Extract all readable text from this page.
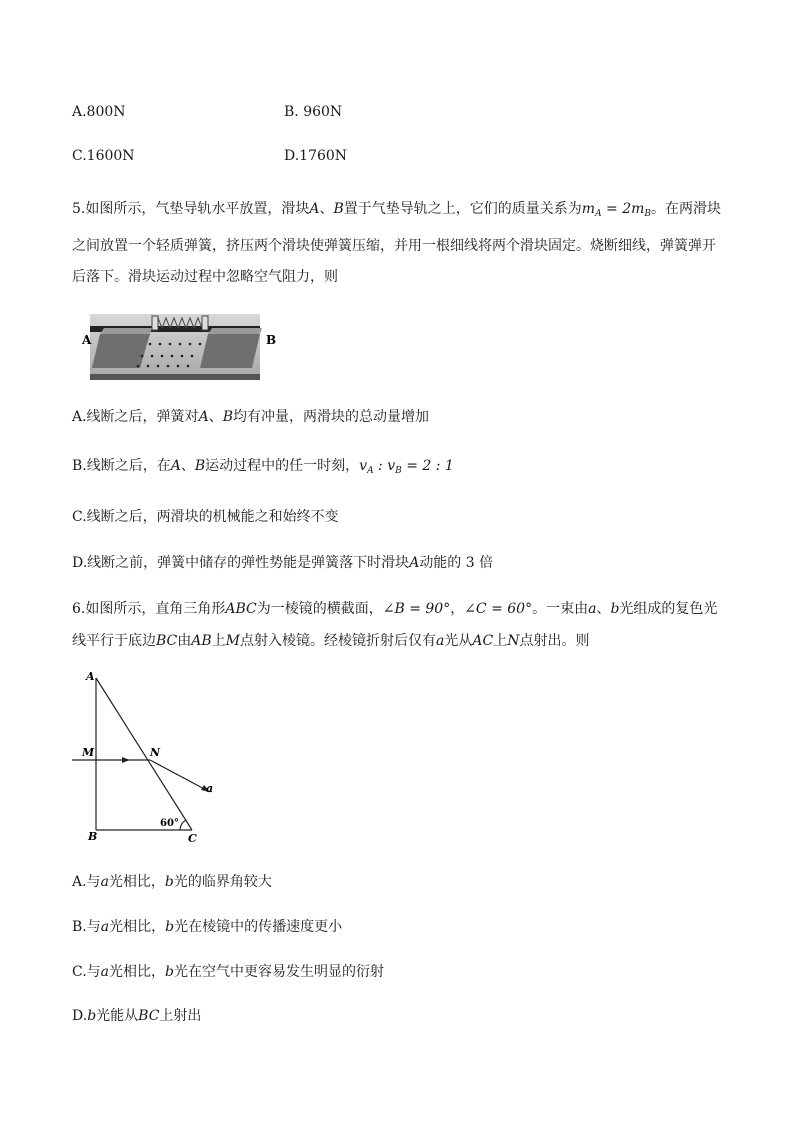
A.800N	B. 960N
C.1600N	D.1760N
5.如图所示，气垫导轨水平放置，滑块A、B置于气垫导轨之上，它们的质量关系为$m_A = 2m_B$。在两滑块
之间放置一个轻质弹簧，挤压两个滑块使弹簧压缩，并用一根细线将两个滑块固定。烧断细线，弹簧弹开
后落下。滑块运动过程中忽略空气阻力，则
A	B
A.线断之后，弹簧对A、B均有冲量，两滑块的总动量增加
B.线断之后，在A、B运动过程中的任一时刻，$v_A$ : $v_B = 2$ : 1
C.线断之后，两滑块的机械能之和始终不变
D.线断之前，弹簧中储存的弹性势能是弹簧落下时滑块A动能的 3 倍
6.如图所示，直角三角形ABC为一棱镜的横截面，∠B = 90°，∠C = 60°。一束由a、b光组成的复色光
线平行于底边BC由AB上M点射入棱镜。经棱镜折射后仅有a光从AC上N点射出。则
A
M	N
a
B	C
60°
A.与a光相比，b光的临界角较大
B.与a光相比，b光在棱镜中的传播速度更小
C.与a光相比，b光在空气中更容易发生明显的衍射
D.b光能从BC上射出
